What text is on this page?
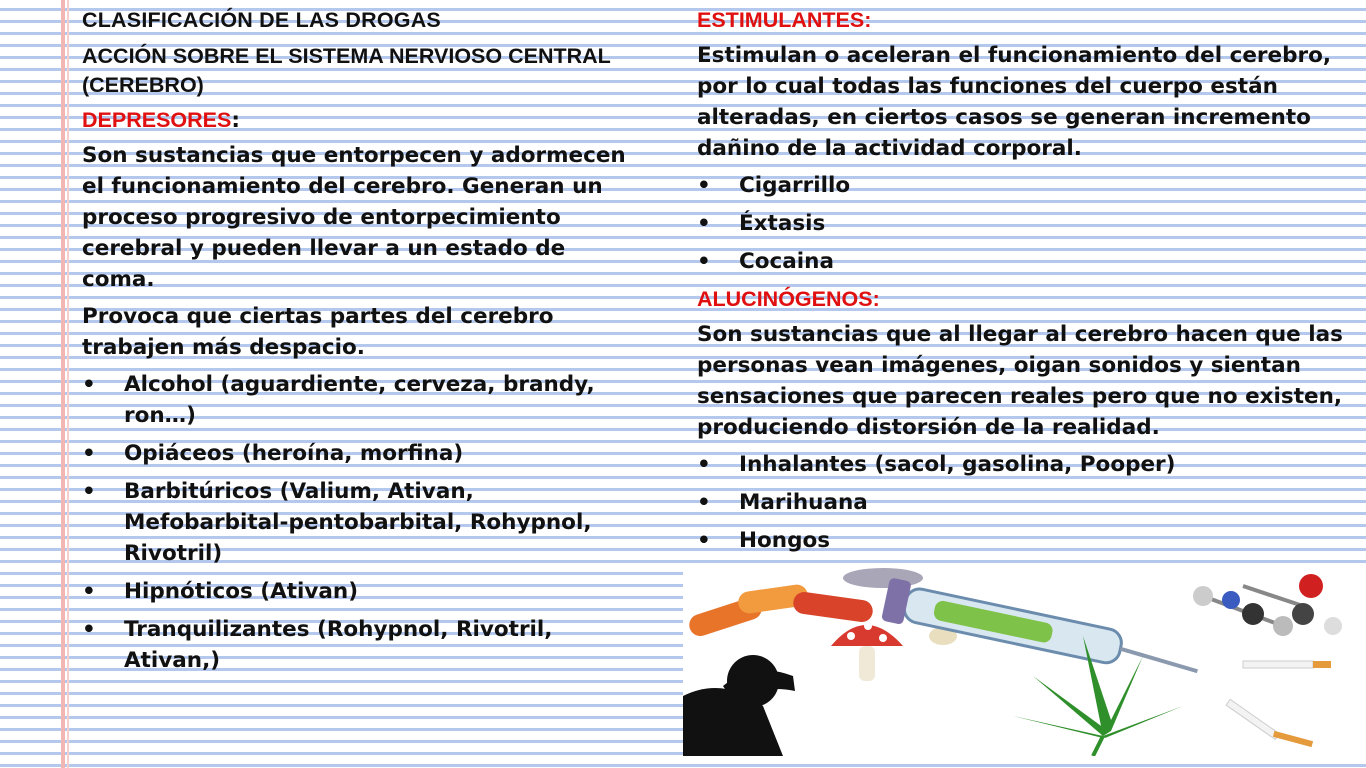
CLASIFICACIÓN DE LAS DROGAS
ACCIÓN SOBRE EL SISTEMA NERVIOSO CENTRAL (CEREBRO)
DEPRESORES:

Son sustancias que entorpecen y adormecen el funcionamiento del cerebro. Generan un proceso progresivo de entorpecimiento cerebral y pueden llevar a un estado de coma.

Provoca que ciertas partes del cerebro trabajen más despacio.

• Alcohol (aguardiente, cerveza, brandy, ron…)
• Opiáceos (heroína, morfina)
• Barbitúricos (Valium, Ativan, Mefobarbital-pentobarbital, Rohypnol, Rivotril)
• Hipnóticos (Ativan)
• Tranquilizantes (Rohypnol, Rivotril, Ativan,)
ESTIMULANTES:

Estimulan o aceleran el funcionamiento del cerebro, por lo cual todas las funciones del cuerpo están alteradas, en ciertos casos se generan incremento dañino de la actividad corporal.

• Cigarrillo
• Éxtasis
• Cocaina
ALUCINÓGENOS:

Son sustancias que al llegar al cerebro hacen que las personas vean imágenes, oigan sonidos y sientan sensaciones que parecen reales pero que no existen, produciendo distorsión de la realidad.

• Inhalantes (sacol, gasolina, Pooper)
• Marihuana
• Hongos
